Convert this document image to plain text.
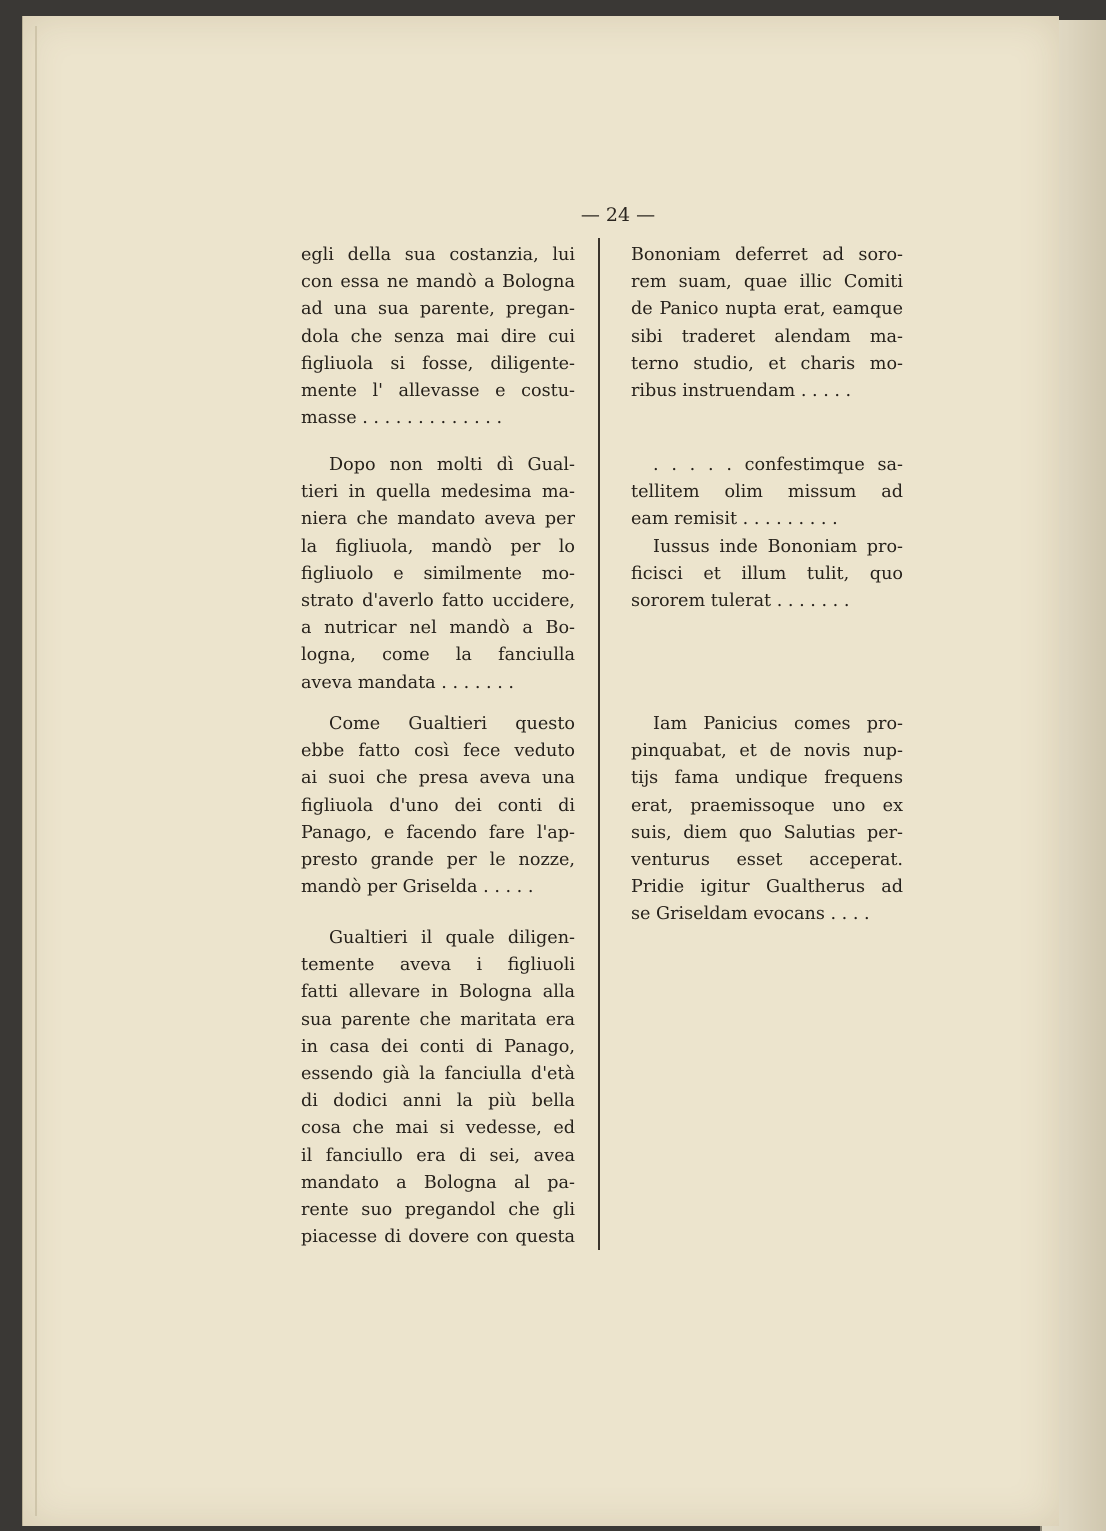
— 24 —
egli della sua costanzia, lui
con essa ne mandò a Bologna
ad una sua parente, pregan-
dola che senza mai dire cui
figliuola si fosse, diligente-
mente l' allevasse e costu-
masse . . . . . . . . . . . . .
Dopo non molti dì Gual-
tieri in quella medesima ma-
niera che mandato aveva per
la figliuola, mandò per lo
figliuolo e similmente mo-
strato d'averlo fatto uccidere,
a nutricar nel mandò a Bo-
logna, come la fanciulla
aveva mandata . . . . . . .
Come Gualtieri questo
ebbe fatto così fece veduto
ai suoi che presa aveva una
figliuola d'uno dei conti di
Panago, e facendo fare l'ap-
presto grande per le nozze,
mandò per Griselda . . . . .
Gualtieri il quale diligen-
temente aveva i figliuoli
fatti allevare in Bologna alla
sua parente che maritata era
in casa dei conti di Panago,
essendo già la fanciulla d'età
di dodici anni la più bella
cosa che mai si vedesse, ed
il fanciullo era di sei, avea
mandato a Bologna al pa-
rente suo pregandol che gli
piacesse di dovere con questa
Bononiam deferret ad soro-
rem suam, quae illic Comiti
de Panico nupta erat, eamque
sibi traderet alendam ma-
terno studio, et charis mo-
ribus instruendam . . . . .
. . . . . confestimque sa-
tellitem olim missum ad
eam remisit . . . . . . . . .
Iussus inde Bononiam pro-
ficisci et illum tulit, quo
sororem tulerat . . . . . . .
Iam Panicius comes pro-
pinquabat, et de novis nup-
tijs fama undique frequens
erat, praemissoque uno ex
suis, diem quo Salutias per-
venturus esset acceperat.
Pridie igitur Gualtherus ad
se Griseldam evocans . . . .
